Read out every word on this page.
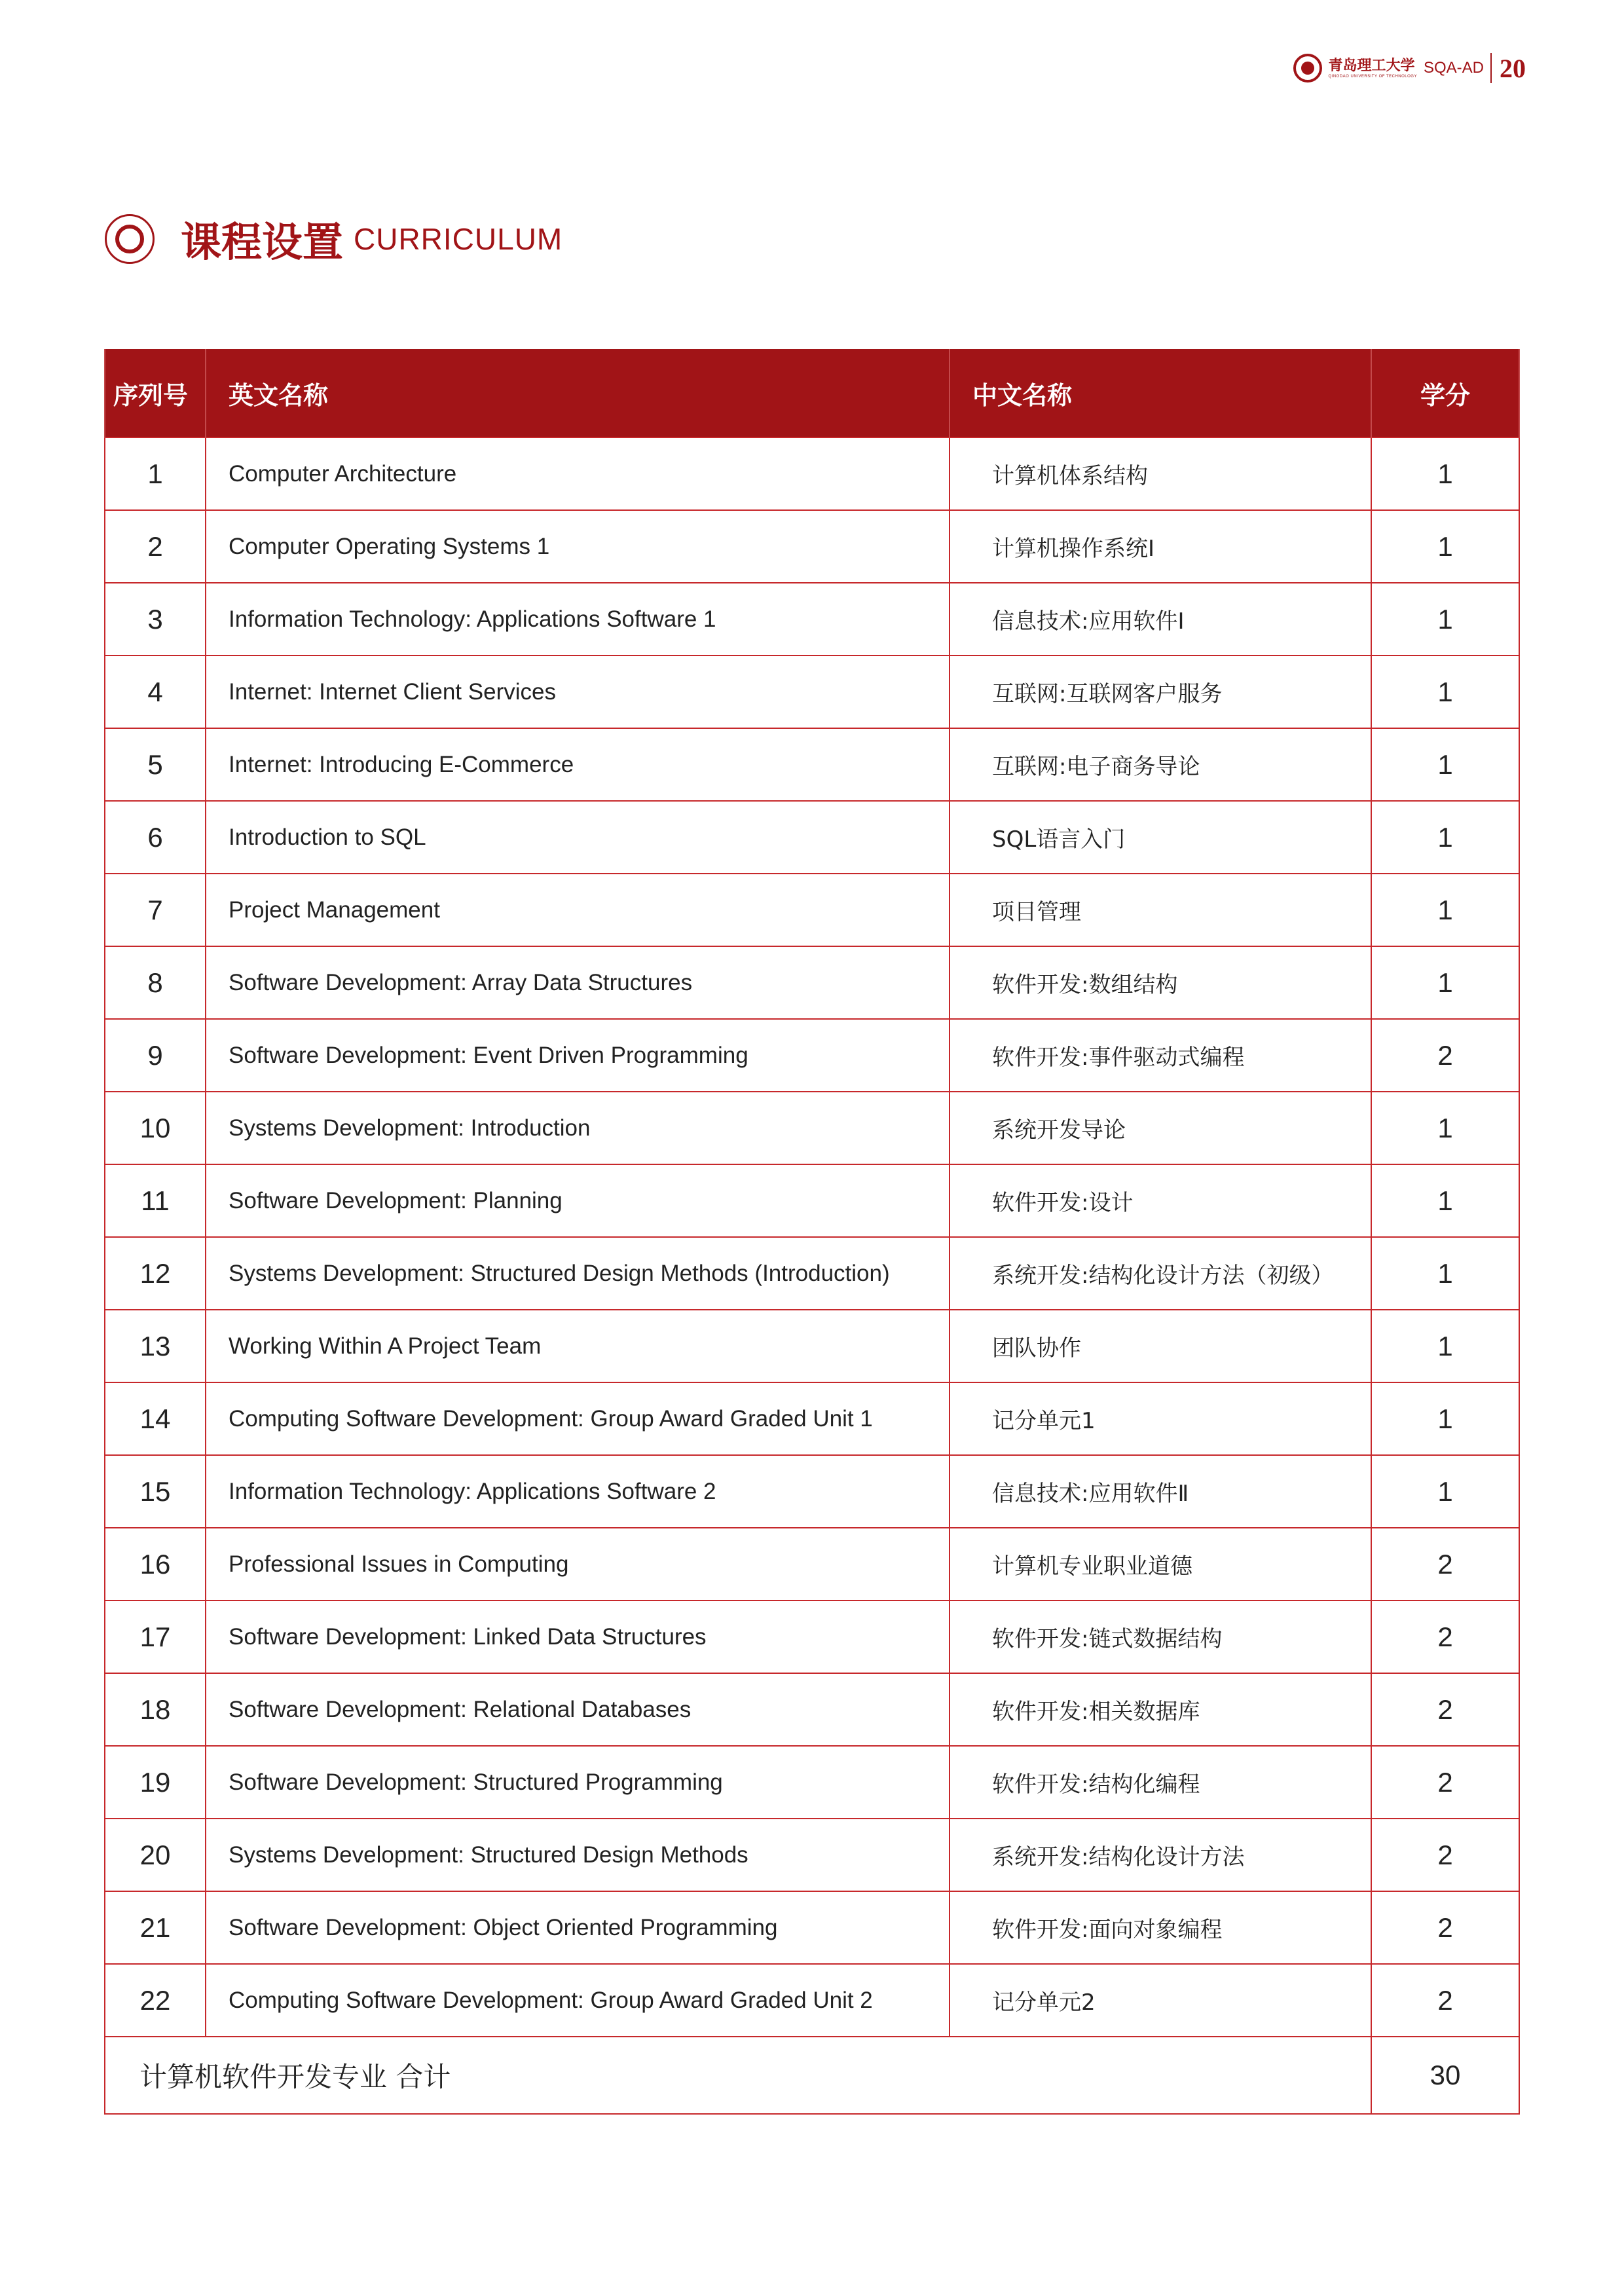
青岛理工大学
QINGDAO UNIVERSITY OF TECHNOLOGY SQA-AD 20
课程设置 CURRICULUM
序列号	英文名称	中文名称	学分
1	Computer Architecture	计算机体系结构	1
2	Computer Operating Systems 1	计算机操作系统Ⅰ	1
3	Information Technology: Applications Software 1	信息技术:应用软件Ⅰ	1
4	Internet: Internet Client Services	互联网:互联网客户服务	1
5	Internet: Introducing E-Commerce	互联网:电子商务导论	1
6	Introduction to SQL	SQL语言入门	1
7	Project Management	项目管理	1
8	Software Development: Array Data Structures	软件开发:数组结构	1
9	Software Development: Event Driven Programming	软件开发:事件驱动式编程	2
10	Systems Development: Introduction	系统开发导论	1
11	Software Development: Planning	软件开发:设计	1
12	Systems Development: Structured Design Methods (Introduction)	系统开发:结构化设计方法（初级）	1
13	Working Within A Project Team	团队协作	1
14	Computing Software Development: Group Award Graded Unit 1	记分单元1	1
15	Information Technology: Applications Software 2	信息技术:应用软件Ⅱ	1
16	Professional Issues in Computing	计算机专业职业道德	2
17	Software Development: Linked Data Structures	软件开发:链式数据结构	2
18	Software Development: Relational Databases	软件开发:相关数据库	2
19	Software Development: Structured Programming	软件开发:结构化编程	2
20	Systems Development: Structured Design Methods	系统开发:结构化设计方法	2
21	Software Development: Object Oriented Programming	软件开发:面向对象编程	2
22	Computing Software Development: Group Award Graded Unit 2	记分单元2	2
计算机软件开发专业 合计			30
